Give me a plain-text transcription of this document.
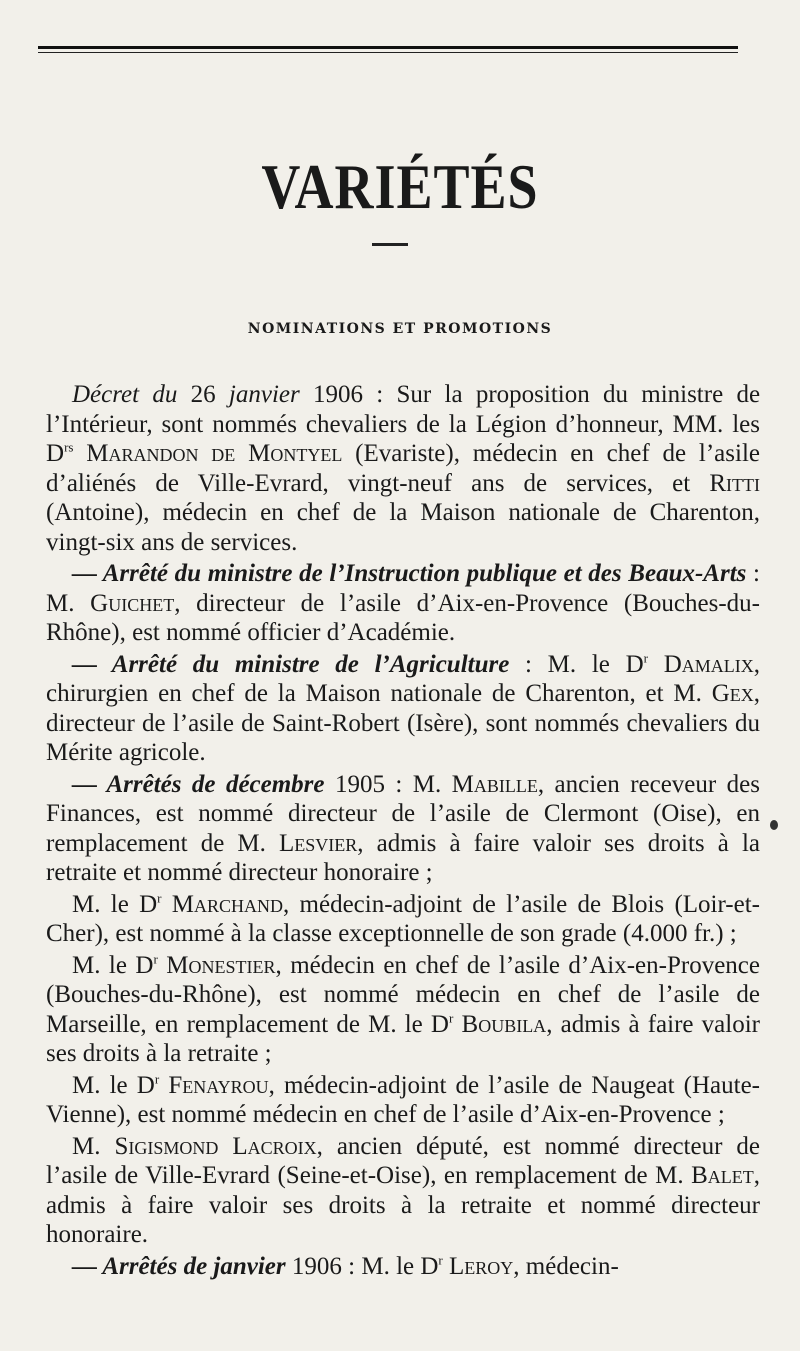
VARIÉTÉS
NOMINATIONS ET PROMOTIONS

Décret du 26 janvier 1906 : Sur la proposition du ministre de l’Intérieur, sont nommés chevaliers de la Légion d’honneur, MM. les $D^{rs}$ Marandon de Montyel (Evariste), médecin en chef de l’asile d’aliénés de Ville-Evrard, vingt-neuf ans de services, et Ritti (Antoine), médecin en chef de la Maison nationale de Charenton, vingt-six ans de services.

— Arrêté du ministre de l’Instruction publique et des Beaux-Arts : M. Guichet, directeur de l’asile d’Aix-en-Provence (Bouches-du-Rhône), est nommé officier d’Académie.

— Arrêté du ministre de l’Agriculture : M. le $D^r$ Damalix, chirurgien en chef de la Maison nationale de Charenton, et M. Gex, directeur de l’asile de Saint-Robert (Isère), sont nommés chevaliers du Mérite agricole.

— Arrêtés de décembre 1905 : M. Mabille, ancien receveur des Finances, est nommé directeur de l’asile de Clermont (Oise), en remplacement de M. Lesvier, admis à faire valoir ses droits à la retraite et nommé directeur honoraire ;

M. le $D^r$ Marchand, médecin-adjoint de l’asile de Blois (Loir-et-Cher), est nommé à la classe exceptionnelle de son grade (4.000 fr.) ;

M. le $D^r$ Monestier, médecin en chef de l’asile d’Aix-en-Provence (Bouches-du-Rhône), est nommé médecin en chef de l’asile de Marseille, en remplacement de M. le $D^r$ Boubila, admis à faire valoir ses droits à la retraite ;

M. le $D^r$ Fenayrou, médecin-adjoint de l’asile de Naugeat (Haute-Vienne), est nommé médecin en chef de l’asile d’Aix-en-Provence ;

M. Sigismond Lacroix, ancien député, est nommé directeur de l’asile de Ville-Evrard (Seine-et-Oise), en remplacement de M. Balet, admis à faire valoir ses droits à la retraite et nommé directeur honoraire.

— Arrêtés de janvier 1906 : M. le $D^r$ Leroy, médecin-
